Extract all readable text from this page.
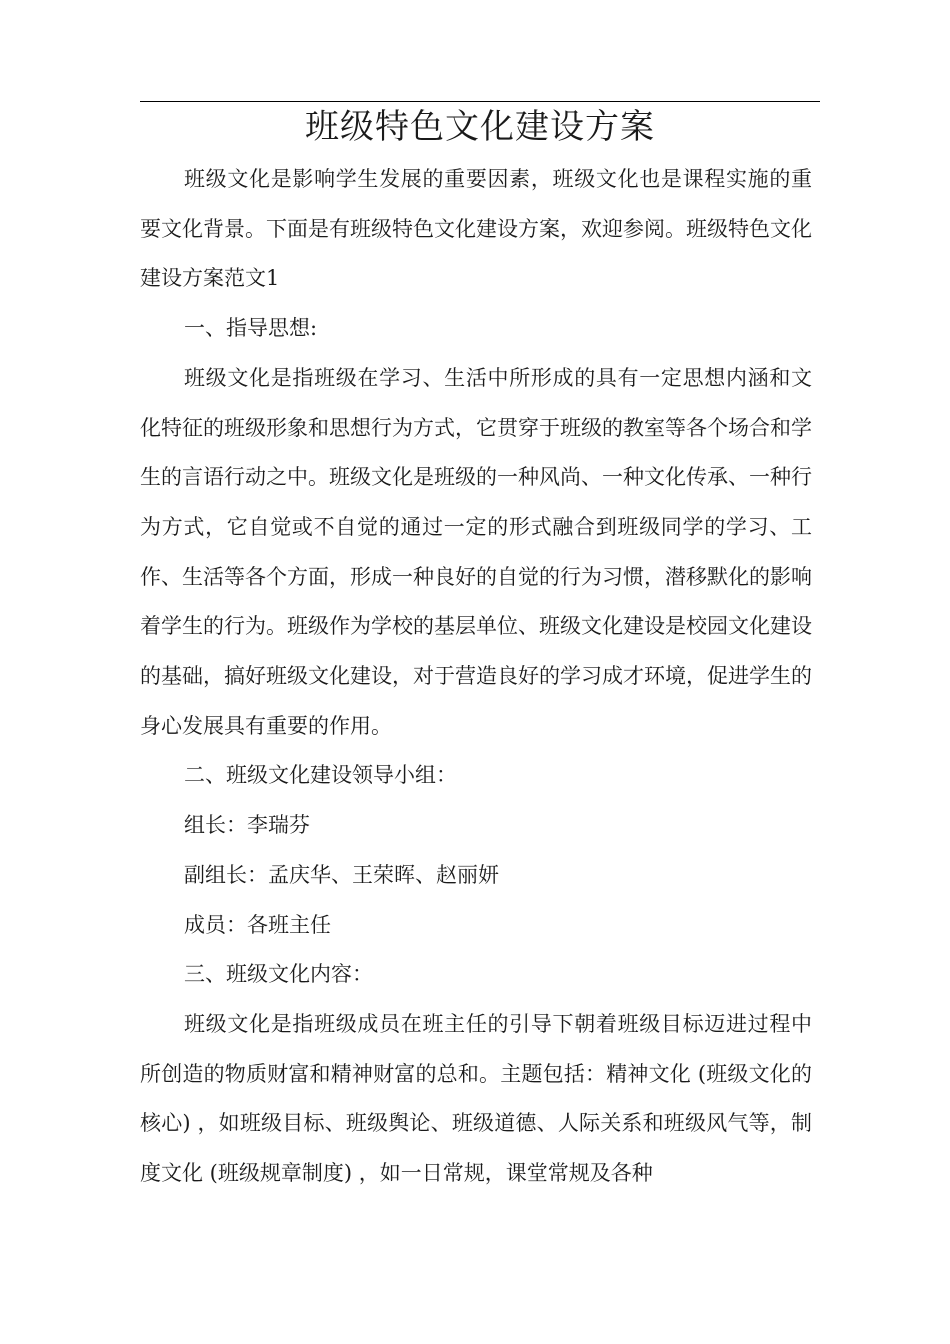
班级特色文化建设方案

班级文化是影响学生发展的重要因素，班级文化也是课程实施的重要文化背景。下面是有班级特色文化建设方案，欢迎参阅。班级特色文化建设方案范文1

一、指导思想:

班级文化是指班级在学习、生活中所形成的具有一定思想内涵和文化特征的班级形象和思想行为方式，它贯穿于班级的教室等各个场合和学生的言语行动之中。班级文化是班级的一种风尚、一种文化传承、一种行为方式，它自觉或不自觉的通过一定的形式融合到班级同学的学习、工作、生活等各个方面，形成一种良好的自觉的行为习惯，潜移默化的影响着学生的行为。班级作为学校的基层单位、班级文化建设是校园文化建设的基础，搞好班级文化建设，对于营造良好的学习成才环境，促进学生的身心发展具有重要的作用。

二、班级文化建设领导小组：

组长：李瑞芬

副组长：孟庆华、王荣晖、赵丽妍

成员：各班主任

三、班级文化内容：

班级文化是指班级成员在班主任的引导下朝着班级目标迈进过程中所创造的物质财富和精神财富的总和。主题包括：精神文化 (班级文化的核心) ，如班级目标、班级舆论、班级道德、人际关系和班级风气等，制度文化 (班级规章制度) ，如一日常规，课堂常规及各种
